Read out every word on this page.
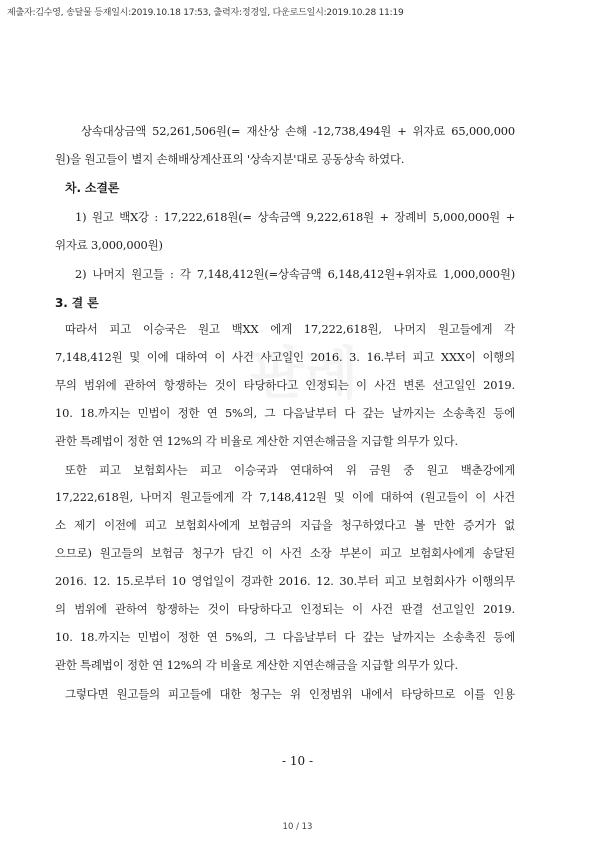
제출자:김수영, 송달물 등재일시:2019.10.18 17:53, 출력자:정경일, 다운로드일시:2019.10.28 11:19
상속대상금액 52,261,506원(= 재산상 손해 -12,738,494원 + 위자료 65,000,000
원)을 원고들이 별지 손해배상계산표의 '상속지분'대로 공동상속 하였다.
차. 소결론
1) 원고 백X강 : 17,222,618원(= 상속금액 9,222,618원 + 장례비 5,000,000원 +
위자료 3,000,000원)
2) 나머지 원고들 : 각 7,148,412원(=상속금액 6,148,412원+위자료 1,000,000원)
3. 결 론
따라서 피고 이승국은 원고 백XX 에게 17,222,618원, 나머지 원고들에게 각
7,148,412원 및 이에 대하여 이 사건 사고일인 2016. 3. 16.부터 피고 XXX이 이행의
무의 범위에 관하여 항쟁하는 것이 타당하다고 인정되는 이 사건 변론 선고일인 2019.
10. 18.까지는 민법이 정한 연 5%의, 그 다음날부터 다 갚는 날까지는 소송촉진 등에
관한 특례법이 정한 연 12%의 각 비율로 계산한 지연손해금을 지급할 의무가 있다.
또한 피고 보험회사는 피고 이승국과 연대하여 위 금원 중 원고 백춘강에게
17,222,618원, 나머지 원고들에게 각 7,148,412원 및 이에 대하여 (원고들이 이 사건
소 제기 이전에 피고 보험회사에게 보험금의 지급을 청구하였다고 볼 만한 증거가 없
으므로) 원고들의 보험금 청구가 담긴 이 사건 소장 부본이 피고 보험회사에게 송달된
2016. 12. 15.로부터 10 영업일이 경과한 2016. 12. 30.부터 피고 보험회사가 이행의무
의 범위에 관하여 항쟁하는 것이 타당하다고 인정되는 이 사건 판결 선고일인 2019.
10. 18.까지는 민법이 정한 연 5%의, 그 다음날부터 다 갚는 날까지는 소송촉진 등에
관한 특례법이 정한 연 12%의 각 비율로 계산한 지연손해금을 지급할 의무가 있다.
그렇다면 원고들의 피고들에 대한 청구는 위 인정범위 내에서 타당하므로 이를 인용
- 10 -
10 / 13
